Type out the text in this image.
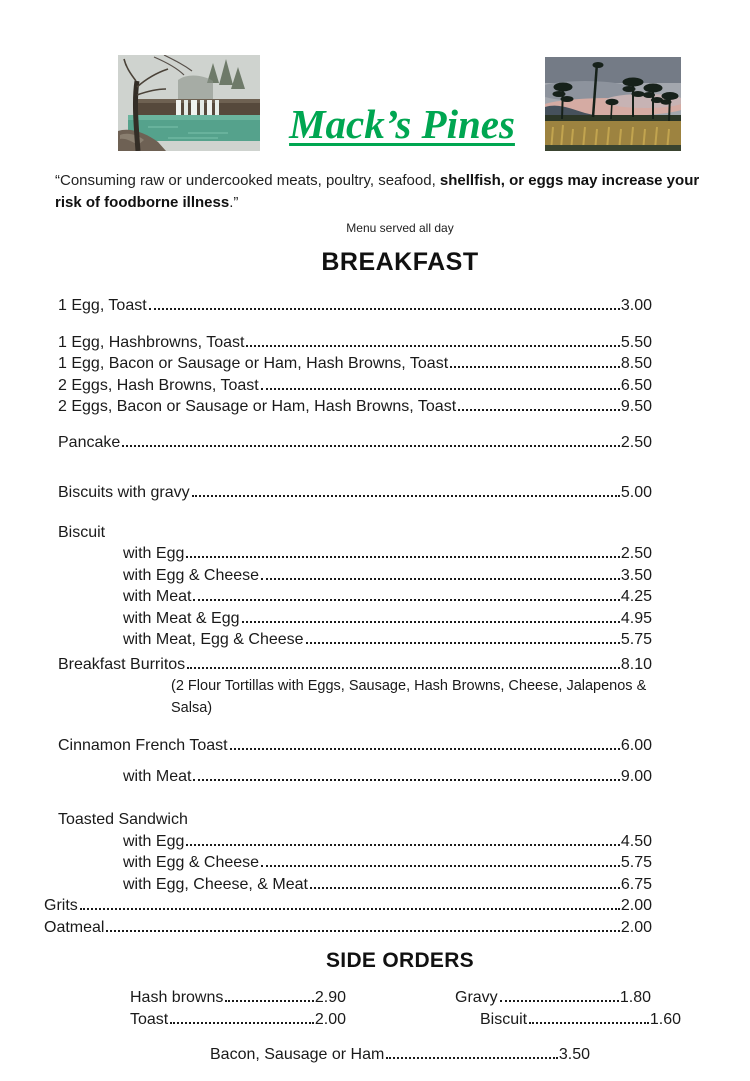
Mack’s Pines
“Consuming raw or undercooked meats, poultry, seafood, shellfish, or eggs may increase your risk of foodborne illness.”
Menu served all day
BREAKFAST
1 Egg, Toast	3.00
1 Egg, Hashbrowns, Toast	5.50
1 Egg, Bacon or Sausage or Ham, Hash Browns, Toast	8.50
2 Eggs, Hash Browns, Toast	6.50
2 Eggs, Bacon or Sausage or Ham, Hash Browns, Toast	9.50
Pancake	2.50
Biscuits with gravy	5.00
Biscuit
with Egg	2.50
with Egg & Cheese	3.50
with Meat	4.25
with Meat & Egg	4.95
with Meat, Egg & Cheese	5.75
Breakfast Burritos	8.10
(2 Flour Tortillas with Eggs, Sausage, Hash Browns, Cheese, Jalapenos & Salsa)
Cinnamon French Toast	6.00
with Meat	9.00
Toasted Sandwich
with Egg	4.50
with Egg & Cheese	5.75
with Egg, Cheese, & Meat	6.75
Grits	2.00
Oatmeal	2.00
SIDE ORDERS
Hash browns	2.90
Toast	2.00
Gravy	1.80
Biscuit	1.60
Bacon, Sausage or Ham	3.50
